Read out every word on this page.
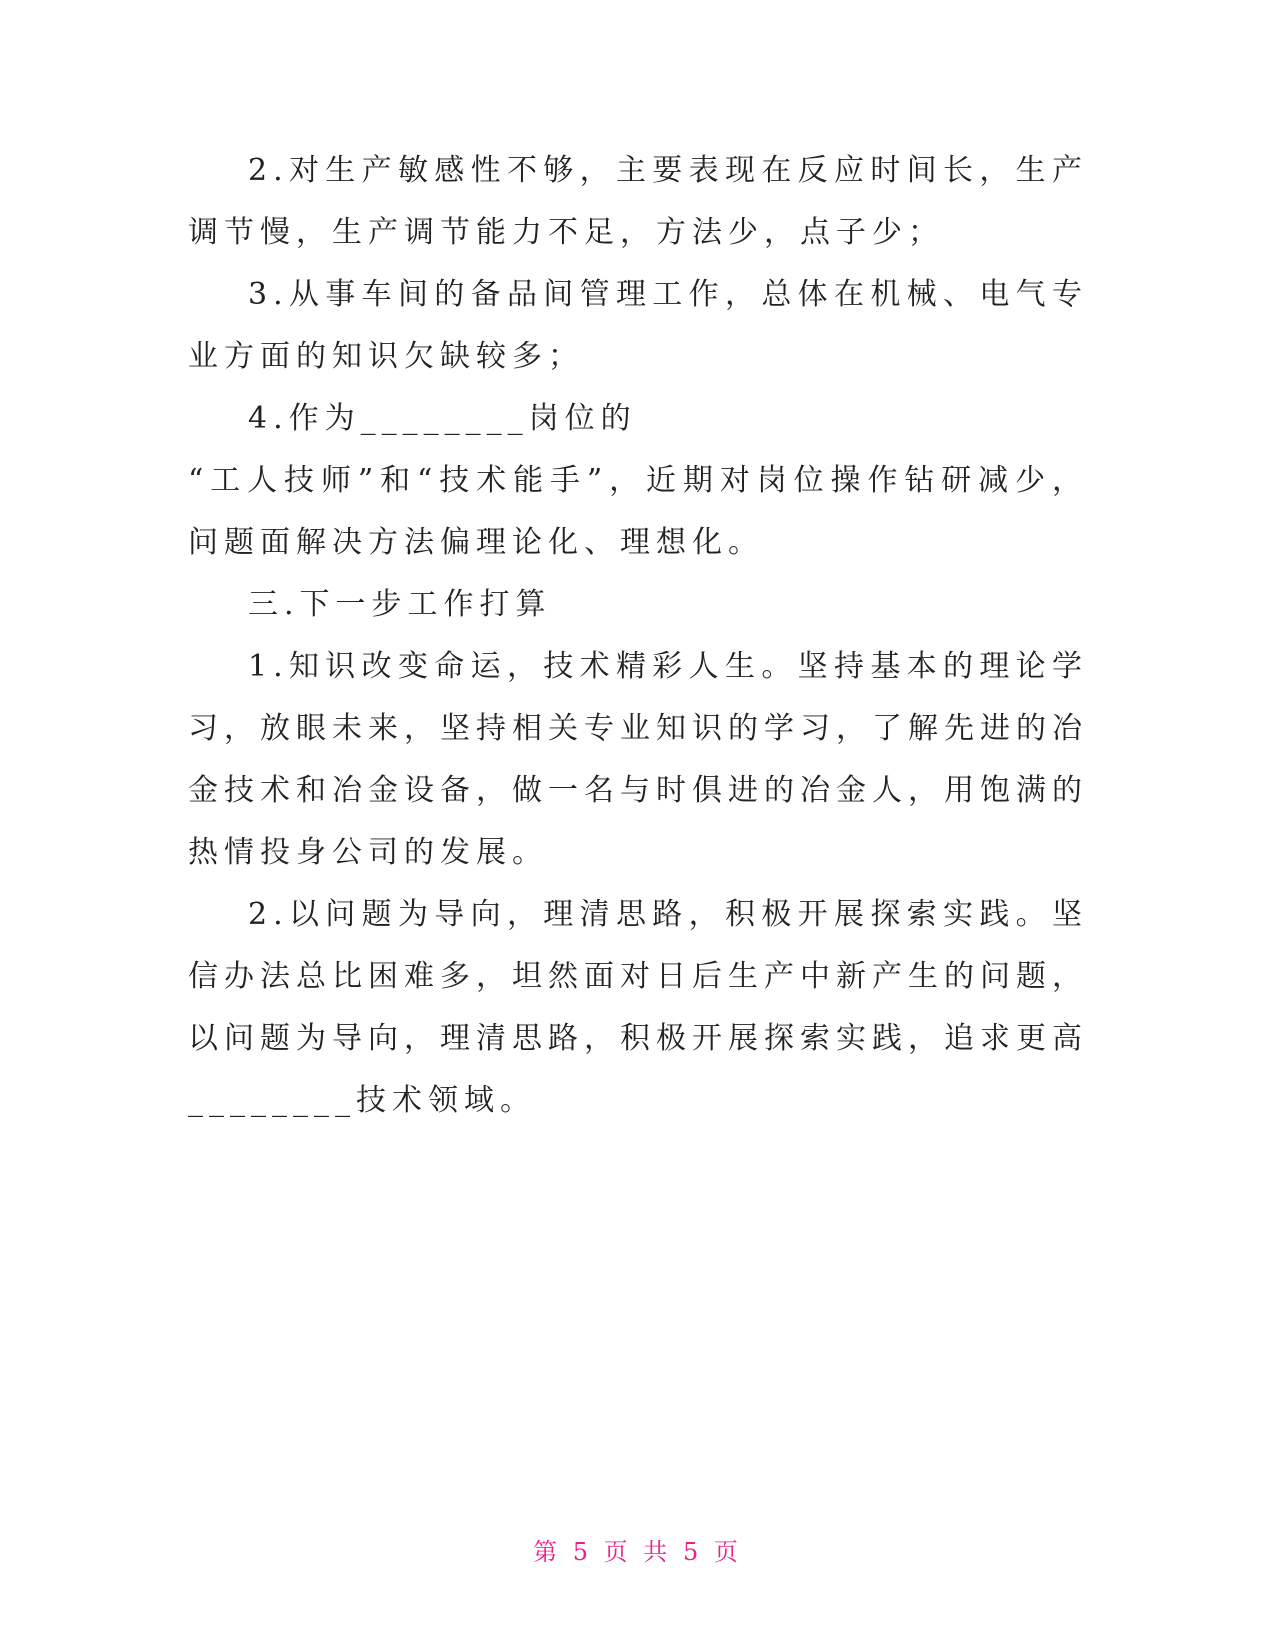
2.对生产敏感性不够，主要表现在反应时间长，生产调节慢，生产调节能力不足，方法少，点子少；

3.从事车间的备品间管理工作，总体在机械、电气专业方面的知识欠缺较多；

4.作为________岗位的

“工人技师”和“技术能手”，近期对岗位操作钻研减少，问题面解决方法偏理论化、理想化。

三.下一步工作打算

1.知识改变命运，技术精彩人生。坚持基本的理论学习，放眼未来，坚持相关专业知识的学习，了解先进的冶金技术和冶金设备，做一名与时俱进的冶金人，用饱满的热情投身公司的发展。

2.以问题为导向，理清思路，积极开展探索实践。坚信办法总比困难多，坦然面对日后生产中新产生的问题，以问题为导向，理清思路，积极开展探索实践，追求更高________技术领域。

第 5 页 共 5 页
